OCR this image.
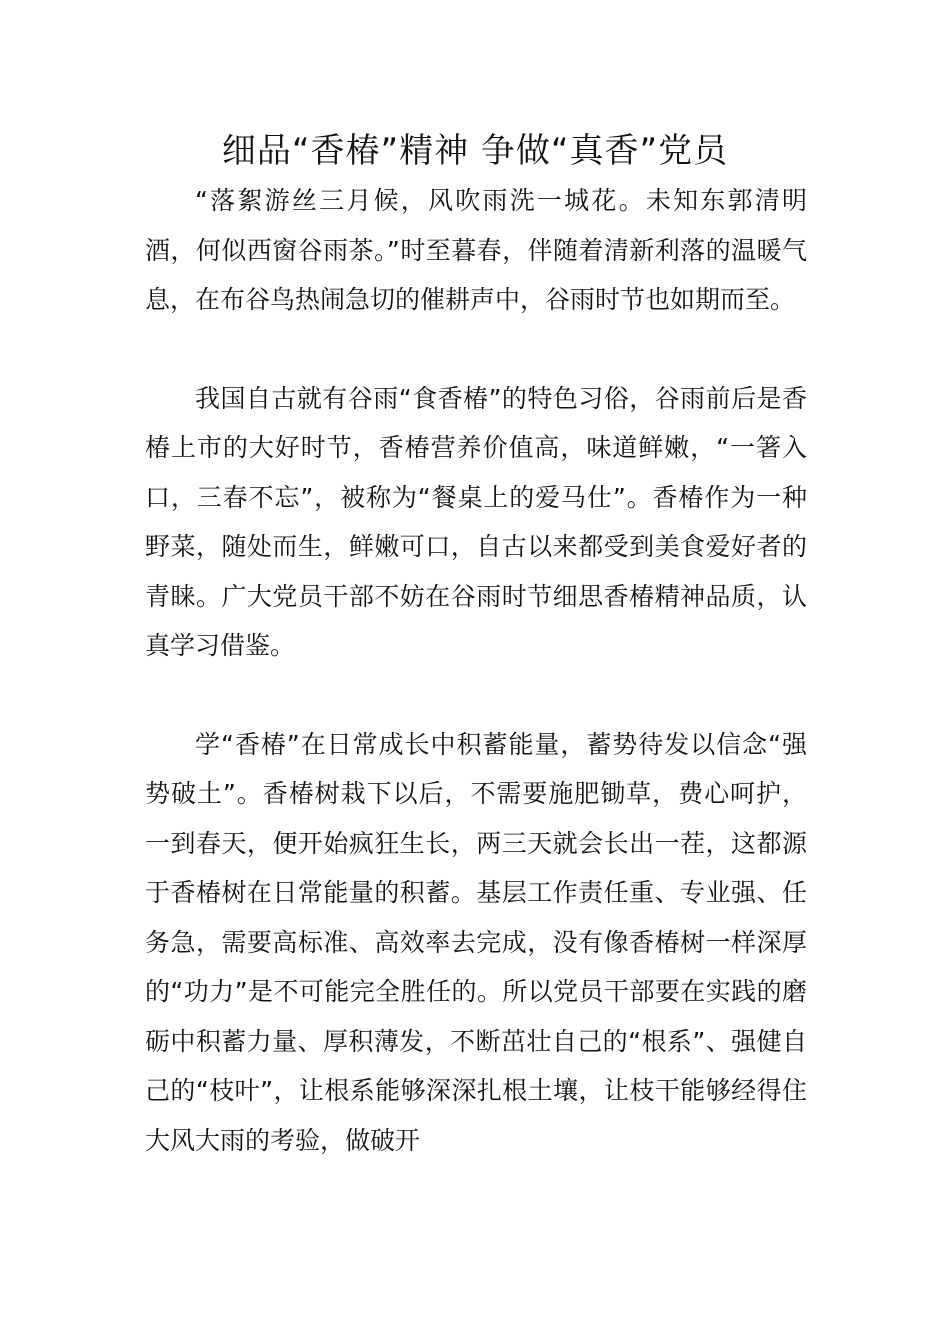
细品“香椿”精神 争做“真香”党员

“落絮游丝三月候，风吹雨洗一城花。未知东郭清明酒，何似西窗谷雨茶。”时至暮春，伴随着清新利落的温暖气息，在布谷鸟热闹急切的催耕声中，谷雨时节也如期而至。

我国自古就有谷雨“食香椿”的特色习俗，谷雨前后是香椿上市的大好时节，香椿营养价值高，味道鲜嫩，“一箸入口，三春不忘”，被称为“餐桌上的爱马仕”。香椿作为一种野菜，随处而生，鲜嫩可口，自古以来都受到美食爱好者的青睐。广大党员干部不妨在谷雨时节细思香椿精神品质，认真学习借鉴。

学“香椿”在日常成长中积蓄能量，蓄势待发以信念“强势破土”。香椿树栽下以后，不需要施肥锄草，费心呵护，一到春天，便开始疯狂生长，两三天就会长出一茬，这都源于香椿树在日常能量的积蓄。基层工作责任重、专业强、任务急，需要高标准、高效率去完成，没有像香椿树一样深厚的“功力”是不可能完全胜任的。所以党员干部要在实践的磨砺中积蓄力量、厚积薄发，不断茁壮自己的“根系”、强健自己的“枝叶”，让根系能够深深扎根土壤，让枝干能够经得住大风大雨的考验，做破开
